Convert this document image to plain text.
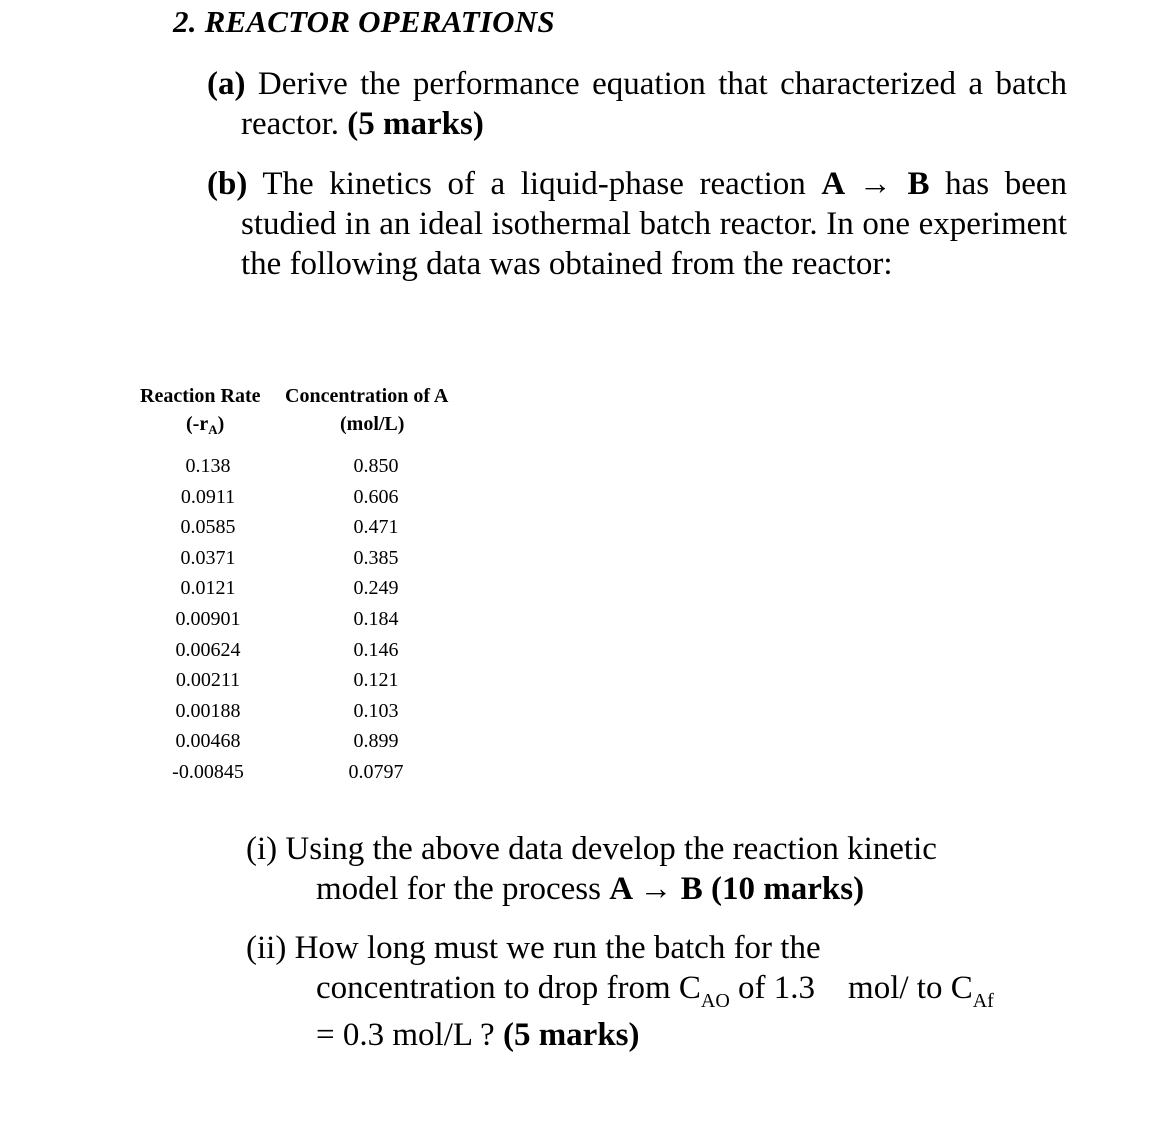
2. REACTOR OPERATIONS
(a) Derive the performance equation that characterized a batch reactor. (5 marks)
(b) The kinetics of a liquid-phase reaction A → B has been studied in an ideal isothermal batch reactor. In one experiment the following data was obtained from the reactor:
Reaction Rate Concentration of A
$(-r_A)$	(mol/L)
0.138
0.0911
0.0585
0.0371
0.0121
0.00901
0.00624
0.00211
0.00188
0.00468
-0.00845
0.850
0.606
0.471
0.385
0.249
0.184
0.146
0.121
0.103
0.899
0.0797
(i) Using the above data develop the reaction kinetic
model for the process A → B (10 marks)
(ii) How long must we run the batch for the
concentration to drop from $C_{AO}$ of 1.3    mol/ to $C_{Af}$
= 0.3 mol/L ? (5 marks)
